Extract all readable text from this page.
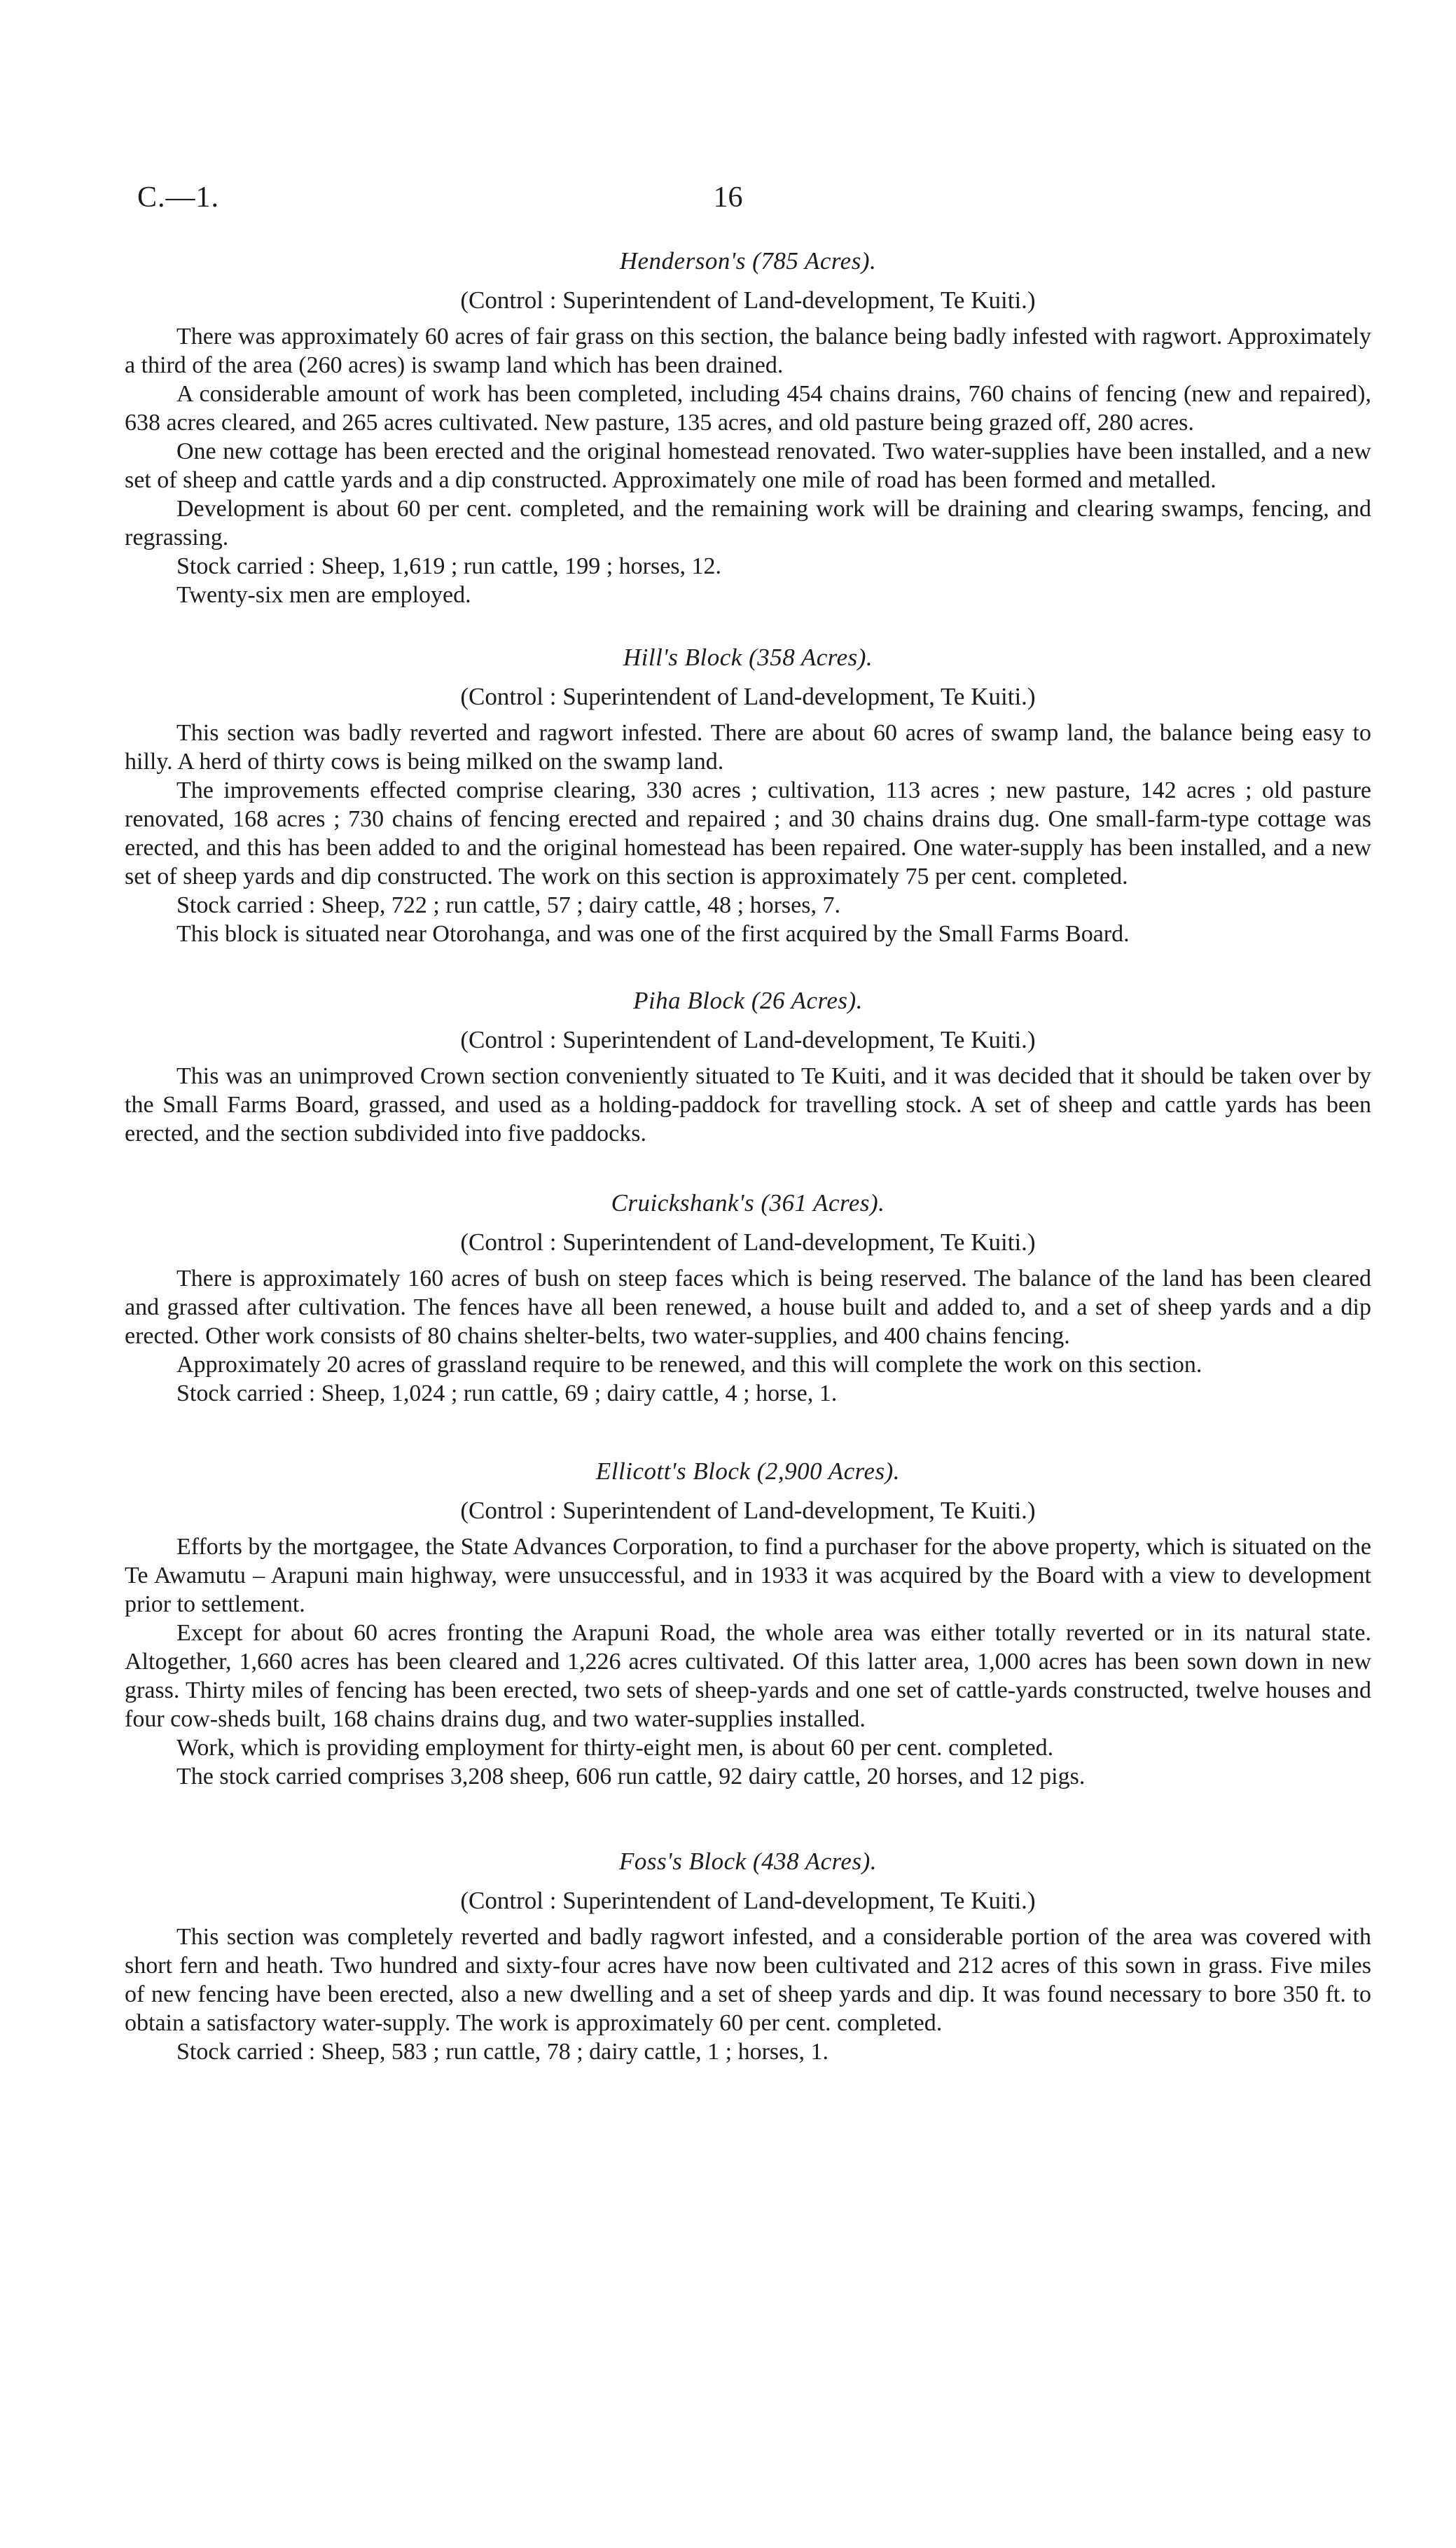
C.—1.	16
Henderson's (785 Acres).
(Control : Superintendent of Land-development, Te Kuiti.)

There was approximately 60 acres of fair grass on this section, the balance being badly infested with ragwort. Approximately a third of the area (260 acres) is swamp land which has been drained.

A considerable amount of work has been completed, including 454 chains drains, 760 chains of fencing (new and repaired), 638 acres cleared, and 265 acres cultivated. New pasture, 135 acres, and old pasture being grazed off, 280 acres.

One new cottage has been erected and the original homestead renovated. Two water-supplies have been installed, and a new set of sheep and cattle yards and a dip constructed. Approximately one mile of road has been formed and metalled.

Development is about 60 per cent. completed, and the remaining work will be draining and clearing swamps, fencing, and regrassing.

Stock carried : Sheep, 1,619 ; run cattle, 199 ; horses, 12.

Twenty-six men are employed.

Hill's Block (358 Acres).
(Control : Superintendent of Land-development, Te Kuiti.)

This section was badly reverted and ragwort infested. There are about 60 acres of swamp land, the balance being easy to hilly. A herd of thirty cows is being milked on the swamp land.

The improvements effected comprise clearing, 330 acres ; cultivation, 113 acres ; new pasture, 142 acres ; old pasture renovated, 168 acres ; 730 chains of fencing erected and repaired ; and 30 chains drains dug. One small-farm-type cottage was erected, and this has been added to and the original homestead has been repaired. One water-supply has been installed, and a new set of sheep yards and dip constructed. The work on this section is approximately 75 per cent. completed.

Stock carried : Sheep, 722 ; run cattle, 57 ; dairy cattle, 48 ; horses, 7.

This block is situated near Otorohanga, and was one of the first acquired by the Small Farms Board.

Piha Block (26 Acres).
(Control : Superintendent of Land-development, Te Kuiti.)

This was an unimproved Crown section conveniently situated to Te Kuiti, and it was decided that it should be taken over by the Small Farms Board, grassed, and used as a holding-paddock for travelling stock. A set of sheep and cattle yards has been erected, and the section subdivided into five paddocks.

Cruickshank's (361 Acres).
(Control : Superintendent of Land-development, Te Kuiti.)

There is approximately 160 acres of bush on steep faces which is being reserved. The balance of the land has been cleared and grassed after cultivation. The fences have all been renewed, a house built and added to, and a set of sheep yards and a dip erected. Other work consists of 80 chains shelter-belts, two water-supplies, and 400 chains fencing.

Approximately 20 acres of grassland require to be renewed, and this will complete the work on this section.

Stock carried : Sheep, 1,024 ; run cattle, 69 ; dairy cattle, 4 ; horse, 1.

Ellicott's Block (2,900 Acres).
(Control : Superintendent of Land-development, Te Kuiti.)

Efforts by the mortgagee, the State Advances Corporation, to find a purchaser for the above property, which is situated on the Te Awamutu – Arapuni main highway, were unsuccessful, and in 1933 it was acquired by the Board with a view to development prior to settlement.

Except for about 60 acres fronting the Arapuni Road, the whole area was either totally reverted or in its natural state. Altogether, 1,660 acres has been cleared and 1,226 acres cultivated. Of this latter area, 1,000 acres has been sown down in new grass. Thirty miles of fencing has been erected, two sets of sheep-yards and one set of cattle-yards constructed, twelve houses and four cow-sheds built, 168 chains drains dug, and two water-supplies installed.

Work, which is providing employment for thirty-eight men, is about 60 per cent. completed.

The stock carried comprises 3,208 sheep, 606 run cattle, 92 dairy cattle, 20 horses, and 12 pigs.

Foss's Block (438 Acres).
(Control : Superintendent of Land-development, Te Kuiti.)

This section was completely reverted and badly ragwort infested, and a considerable portion of the area was covered with short fern and heath. Two hundred and sixty-four acres have now been cultivated and 212 acres of this sown in grass. Five miles of new fencing have been erected, also a new dwelling and a set of sheep yards and dip. It was found necessary to bore 350 ft. to obtain a satisfactory water-supply. The work is approximately 60 per cent. completed.

Stock carried : Sheep, 583 ; run cattle, 78 ; dairy cattle, 1 ; horses, 1.
